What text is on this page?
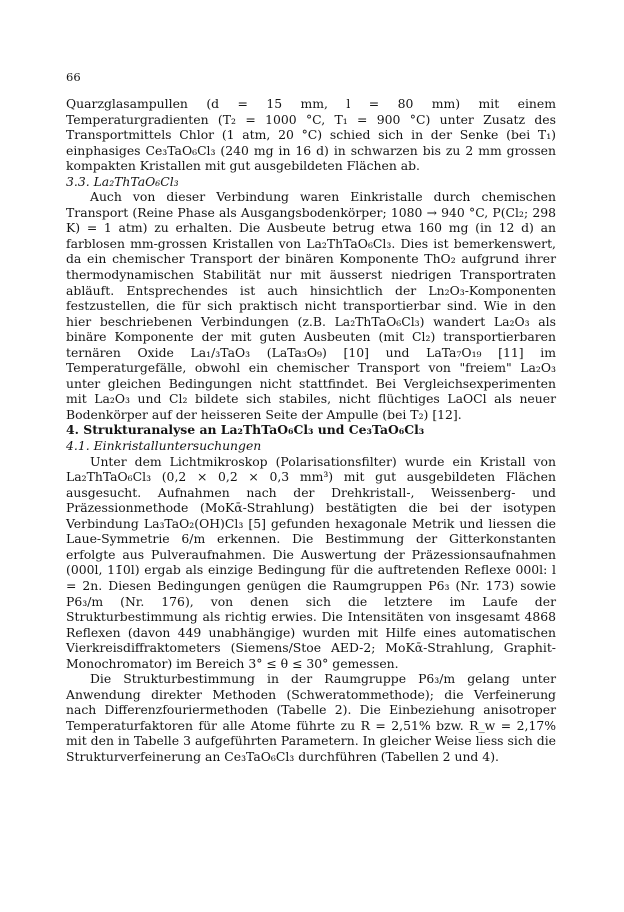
66

Quarzglasampullen (d = 15 mm, l = 80 mm) mit einem Temperaturgradienten (T₂ = 1000 °C, T₁ = 900 °C) unter Zusatz des Transportmittels Chlor (1 atm, 20 °C) schied sich in der Senke (bei T₁) einphasiges Ce₃TaO₆Cl₃ (240 mg in 16 d) in schwarzen bis zu 2 mm grossen kompakten Kristallen mit gut ausgebildeten Flächen ab.

3.3. La₂ThTaO₆Cl₃

Auch von dieser Verbindung waren Einkristalle durch chemischen Transport (Reine Phase als Ausgangsbodenkörper; 1080 → 940 °C, P(Cl₂; 298 K) = 1 atm) zu erhalten. Die Ausbeute betrug etwa 160 mg (in 12 d) an farblosen mm-grossen Kristallen von La₂ThTaO₆Cl₃. Dies ist bemerkenswert, da ein chemischer Transport der binären Komponente ThO₂ aufgrund ihrer thermodynamischen Stabilität nur mit äusserst niedrigen Transportraten abläuft. Entsprechendes ist auch hinsichtlich der Ln₂O₃-Komponenten festzustellen, die für sich praktisch nicht transportierbar sind. Wie in den hier beschriebenen Verbindungen (z.B. La₂ThTaO₆Cl₃) wandert La₂O₃ als binäre Komponente der mit guten Ausbeuten (mit Cl₂) transportierbaren ternären Oxide La₁/₃TaO₃ (LaTa₃O₉) [10] und LaTa₇O₁₉ [11] im Temperaturgefälle, obwohl ein chemischer Transport von "freiem" La₂O₃ unter gleichen Bedingungen nicht stattfindet. Bei Vergleichsexperimenten mit La₂O₃ und Cl₂ bildete sich stabiles, nicht flüchtiges LaOCl als neuer Bodenkörper auf der heisseren Seite der Ampulle (bei T₂) [12].

4. Strukturanalyse an La₂ThTaO₆Cl₃ und Ce₃TaO₆Cl₃

4.1. Einkristalluntersuchungen

Unter dem Lichtmikroskop (Polarisationsfilter) wurde ein Kristall von La₂ThTaO₆Cl₃ (0,2 × 0,2 × 0,3 mm³) mit gut ausgebildeten Flächen ausgesucht. Aufnahmen nach der Drehkristall-, Weissenberg- und Präzessionmethode (MoKᾱ-Strahlung) bestätigten die bei der isotypen Verbindung La₃TaO₂(OH)Cl₃ [5] gefunden hexagonale Metrik und liessen die Laue-Symmetrie 6/m erkennen. Die Bestimmung der Gitterkonstanten erfolgte aus Pulveraufnahmen. Die Auswertung der Präzessionsaufnahmen (000l, 11̄0l) ergab als einzige Bedingung für die auftretenden Reflexe 000l: l = 2n. Diesen Bedingungen genügen die Raumgruppen P6₃ (Nr. 173) sowie P6₃/m (Nr. 176), von denen sich die letztere im Laufe der Strukturbestimmung als richtig erwies. Die Intensitäten von insgesamt 4868 Reflexen (davon 449 unabhängige) wurden mit Hilfe eines automatischen Vierkreisdiffraktometers (Siemens/Stoe AED-2; MoKᾱ-Strahlung, Graphit-Monochromator) im Bereich 3° ≤ θ ≤ 30° gemessen.

Die Strukturbestimmung in der Raumgruppe P6₃/m gelang unter Anwendung direkter Methoden (Schweratommethode); die Verfeinerung nach Differenzfouriermethoden (Tabelle 2). Die Einbeziehung anisotroper Temperaturfaktoren für alle Atome führte zu R = 2,51% bzw. R_w = 2,17% mit den in Tabelle 3 aufgeführten Parametern. In gleicher Weise liess sich die Strukturverfeinerung an Ce₃TaO₆Cl₃ durchführen (Tabellen 2 und 4).
